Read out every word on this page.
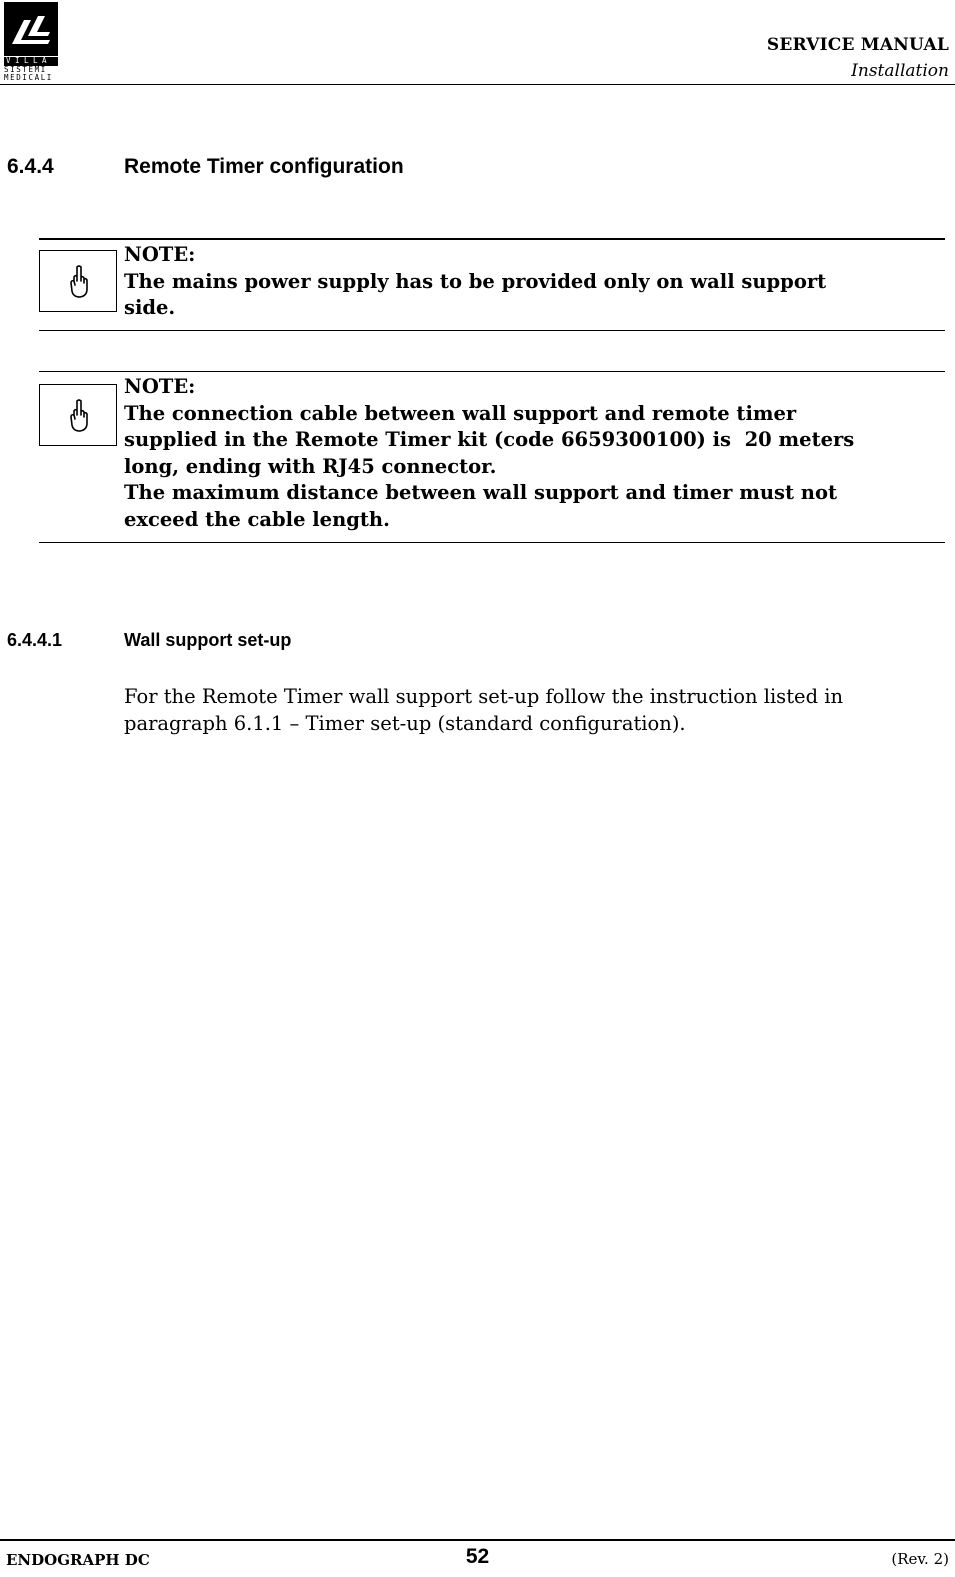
VILLA
SISTEMI
MEDICALI
SERVICE MANUAL
Installation
6.4.4	Remote Timer configuration
NOTE:
The mains power supply has to be provided only on wall support
side.
NOTE:
The connection cable between wall support and remote timer
supplied in the Remote Timer kit (code 6659300100) is  20 meters
long, ending with RJ45 connector.
The maximum distance between wall support and timer must not
exceed the cable length.
6.4.4.1	Wall support set-up
For the Remote Timer wall support set-up follow the instruction listed in
paragraph 6.1.1 – Timer set-up (standard configuration).
ENDOGRAPH DC	52	(Rev. 2)
